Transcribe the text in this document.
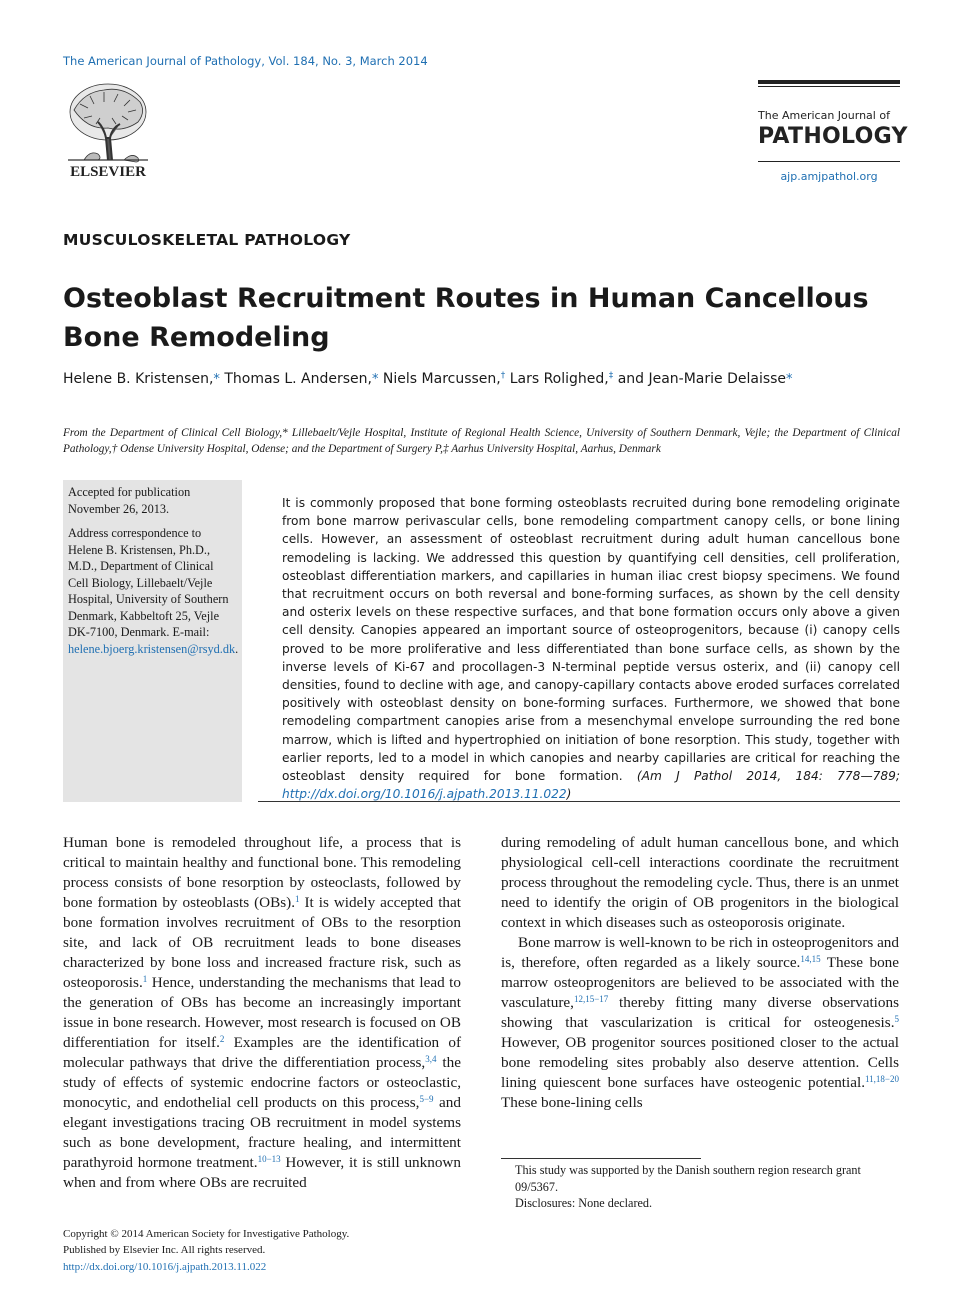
The American Journal of Pathology, Vol. 184, No. 3, March 2014
ELSEVIER
The American Journal of
PATHOLOGY
ajp.amjpathol.org
MUSCULOSKELETAL PATHOLOGY
Osteoblast Recruitment Routes in Human Cancellous Bone Remodeling
Helene B. Kristensen,* Thomas L. Andersen,* Niels Marcussen,† Lars Rolighed,‡ and Jean-Marie Delaisse*
From the Department of Clinical Cell Biology,* Lillebaelt/Vejle Hospital, Institute of Regional Health Science, University of Southern Denmark, Vejle; the Department of Clinical Pathology,† Odense University Hospital, Odense; and the Department of Surgery P,‡ Aarhus University Hospital, Aarhus, Denmark

Accepted for publication November 26, 2013.

Address correspondence to Helene B. Kristensen, Ph.D., M.D., Department of Clinical Cell Biology, Lillebaelt/Vejle Hospital, University of Southern Denmark, Kabbeltoft 25, Vejle DK-7100, Denmark. E-mail: helene.bjoerg.kristensen@rsyd.dk.

It is commonly proposed that bone forming osteoblasts recruited during bone remodeling originate from bone marrow perivascular cells, bone remodeling compartment canopy cells, or bone lining cells. However, an assessment of osteoblast recruitment during adult human cancellous bone remodeling is lacking. We addressed this question by quantifying cell densities, cell proliferation, osteoblast differentiation markers, and capillaries in human iliac crest biopsy specimens. We found that recruitment occurs on both reversal and bone-forming surfaces, as shown by the cell density and osterix levels on these respective surfaces, and that bone formation occurs only above a given cell density. Canopies appeared an important source of osteoprogenitors, because (i) canopy cells proved to be more proliferative and less differentiated than bone surface cells, as shown by the inverse levels of Ki-67 and procollagen-3 N-terminal peptide versus osterix, and (ii) canopy cell densities, found to decline with age, and canopy-capillary contacts above eroded surfaces correlated positively with osteoblast density on bone-forming surfaces. Furthermore, we showed that bone remodeling compartment canopies arise from a mesenchymal envelope surrounding the red bone marrow, which is lifted and hypertrophied on initiation of bone resorption. This study, together with earlier reports, led to a model in which canopies and nearby capillaries are critical for reaching the osteoblast density required for bone formation. (Am J Pathol 2014, 184: 778—789; http://dx.doi.org/10.1016/j.ajpath.2013.11.022)

Human bone is remodeled throughout life, a process that is critical to maintain healthy and functional bone. This remodeling process consists of bone resorption by osteoclasts, followed by bone formation by osteoblasts (OBs).$^1$ It is widely accepted that bone formation involves recruitment of OBs to the resorption site, and lack of OB recruitment leads to bone diseases characterized by bone loss and increased fracture risk, such as osteoporosis.$^1$ Hence, understanding the mechanisms that lead to the generation of OBs has become an increasingly important issue in bone research. However, most research is focused on OB differentiation for itself.$^2$ Examples are the identification of molecular pathways that drive the differentiation process,$^{3,4}$ the study of effects of systemic endocrine factors or osteoclastic, monocytic, and endothelial cell products on this process,$^{5-9}$ and elegant investigations tracing OB recruitment in model systems such as bone development, fracture healing, and intermittent parathyroid hormone treatment.$^{10-13}$ However, it is still unknown when and from where OBs are recruited

during remodeling of adult human cancellous bone, and which physiological cell-cell interactions coordinate the recruitment process throughout the remodeling cycle. Thus, there is an unmet need to identify the origin of OB progenitors in the biological context in which diseases such as osteoporosis originate.

Bone marrow is well-known to be rich in osteoprogenitors and is, therefore, often regarded as a likely source.$^{14,15}$ These bone marrow osteoprogenitors are believed to be associated with the vasculature,$^{12,15-17}$ thereby fitting many diverse observations showing that vascularization is critical for osteogenesis.$^5$ However, OB progenitor sources positioned closer to the actual bone remodeling sites probably also deserve attention. Cells lining quiescent bone surfaces have osteogenic potential.$^{11,18-20}$ These bone-lining cells

This study was supported by the Danish southern region research grant 09/5367.

Disclosures: None declared.

Copyright © 2014 American Society for Investigative Pathology.
Published by Elsevier Inc. All rights reserved.
http://dx.doi.org/10.1016/j.ajpath.2013.11.022
